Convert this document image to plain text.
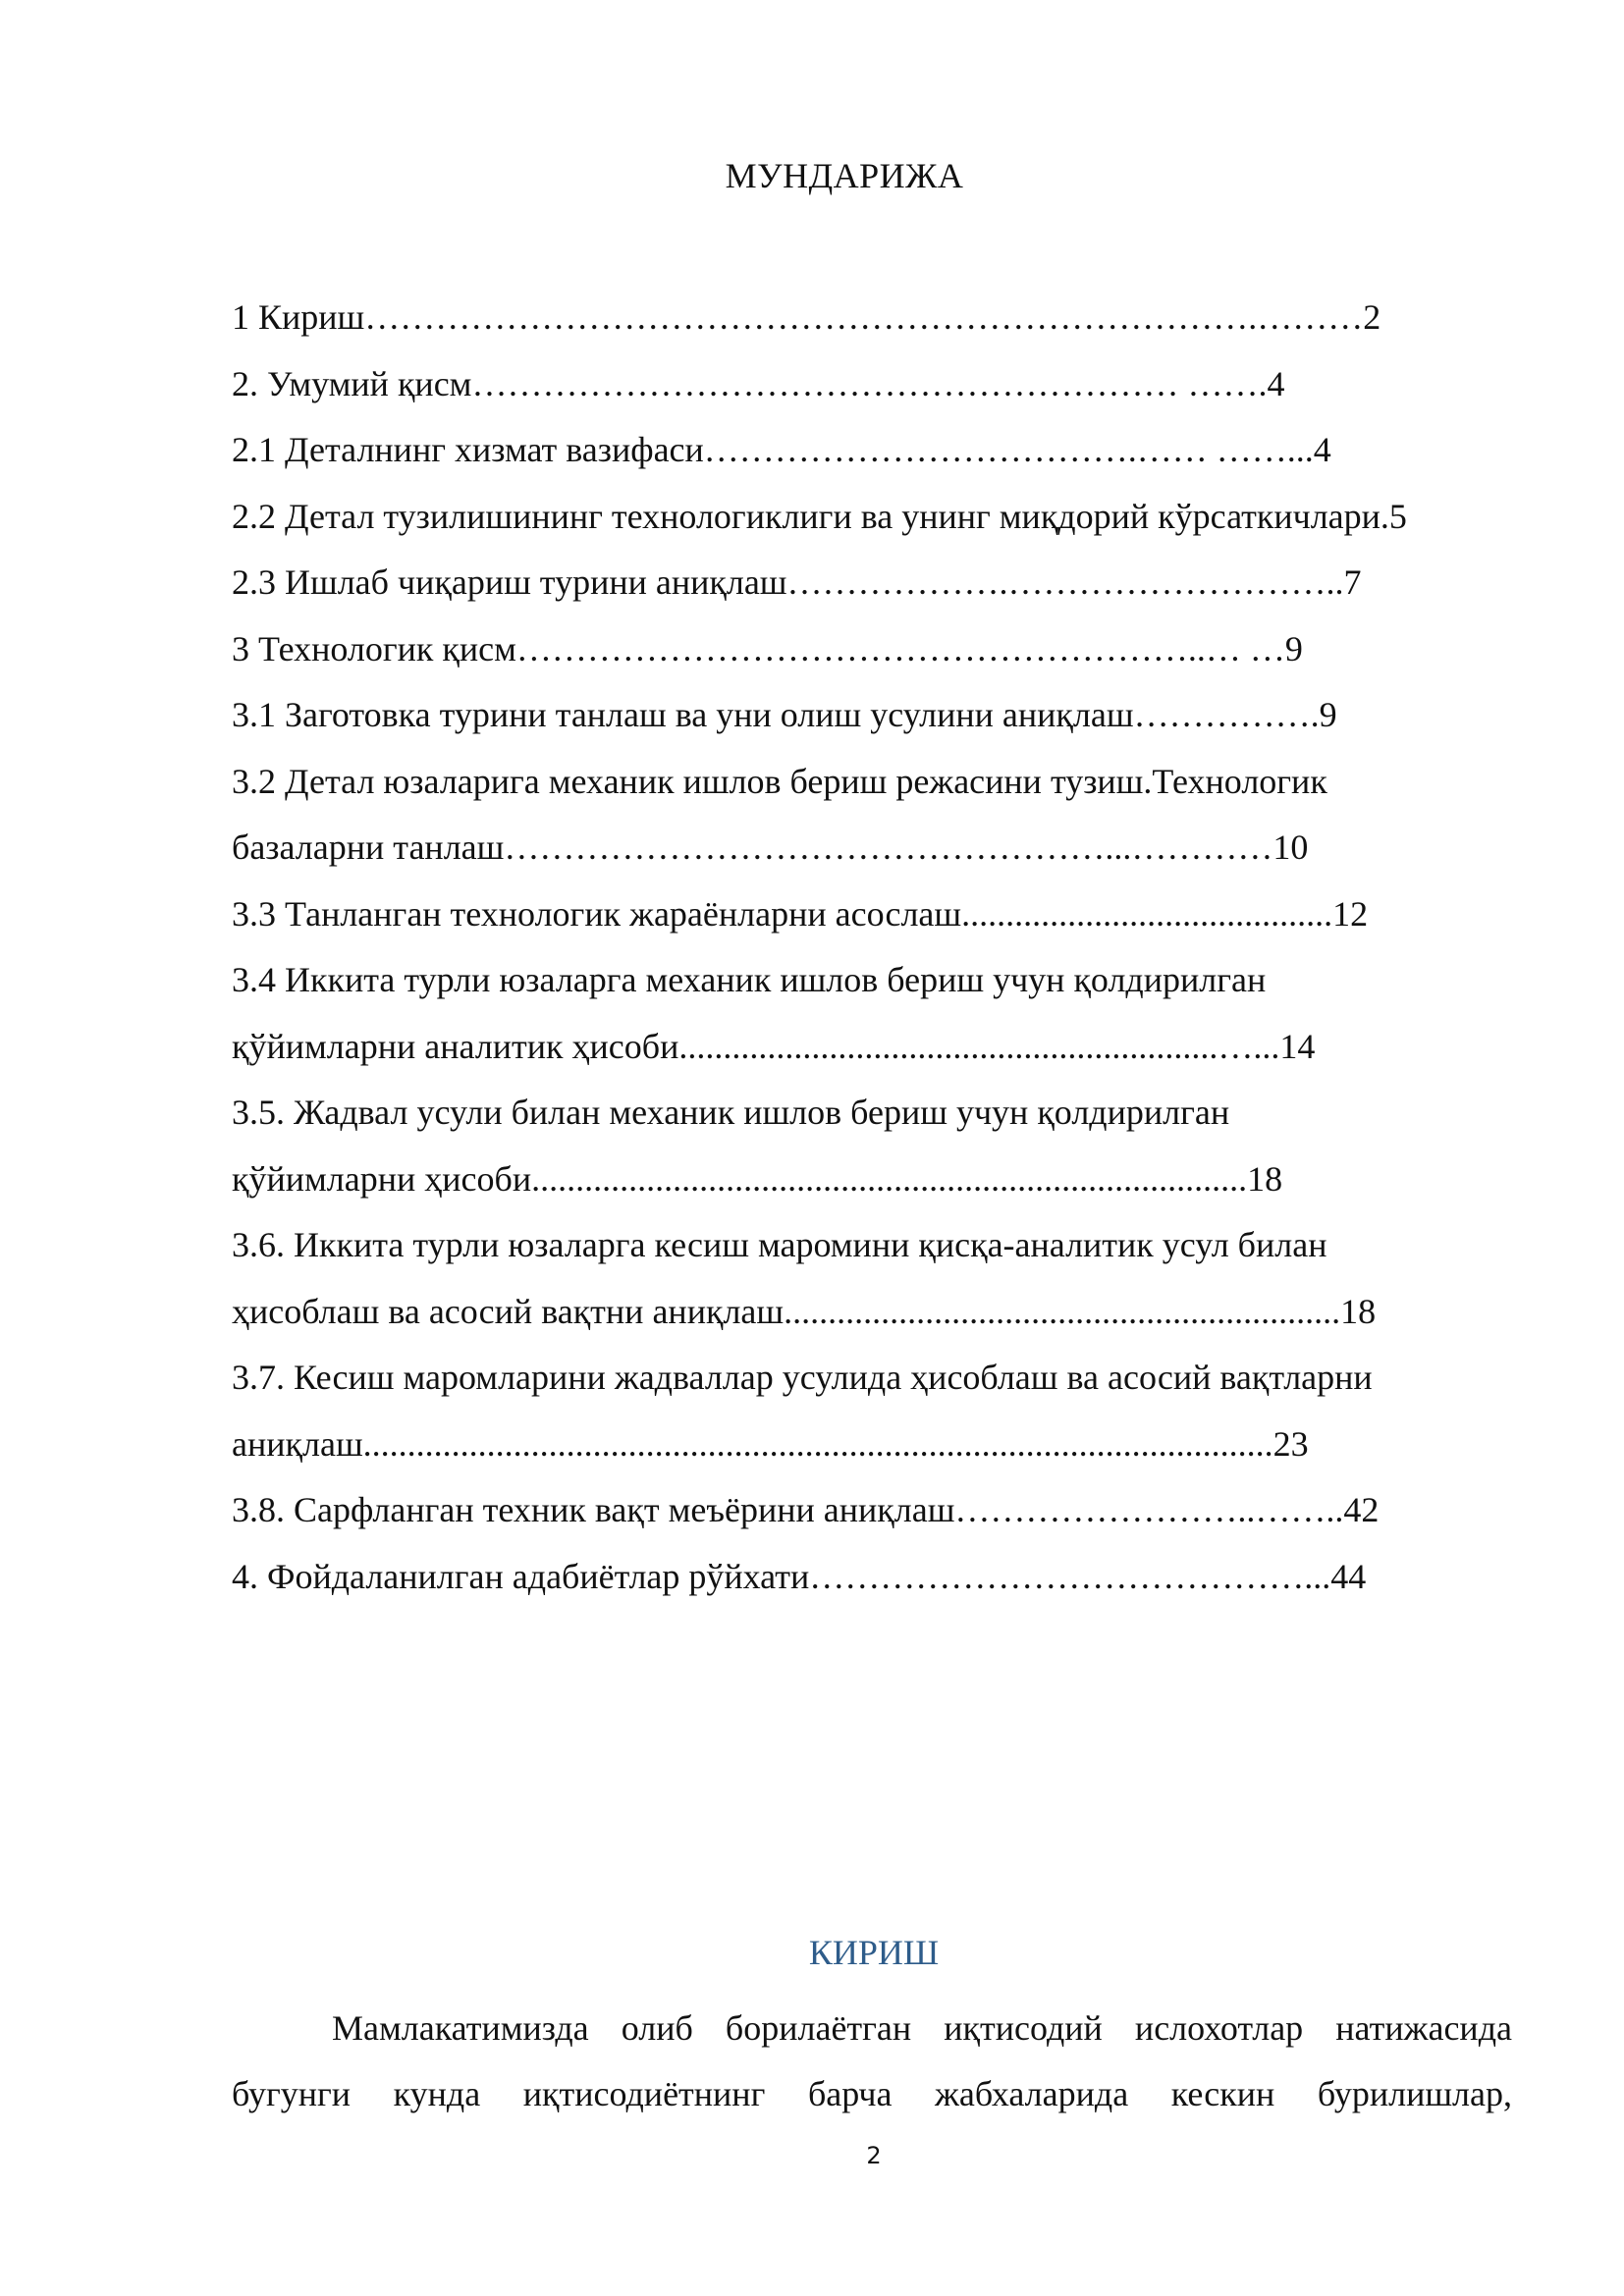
МУНДАРИЖА
1 Кириш………………………………………………………………….………2
2. Умумий қисм…………………………………………………… …….4
2.1 Деталнинг хизмат вазифаси……………………………….…… ……...4
2.2 Детал тузилишининг технологиклиги ва унинг миқдорий кўрсаткичлари.5
2.3 Ишлаб чиқариш турини аниқлаш……………….………………………..7
3 Технологик қисм…………………………………………………..… …9
3.1 Заготовка турини танлаш ва уни олиш усулини аниқлаш…………….9
3.2 Детал юзаларига механик ишлов бериш режасини тузиш.Технологик
базаларни танлаш……………………………………………...…………10
3.3 Танланган технологик жараёнларни асослаш..........................................12
3.4 Иккита турли юзаларга механик ишлов бериш учун қолдирилган
қўйимларни аналитик ҳисоби.............................................................…...14
3.5. Жадвал усули билан механик ишлов бериш учун қолдирилган
қўйимларни ҳисоби.................................................................................18
3.6. Иккита турли юзаларга кесиш маромини қисқа-аналитик усул билан
ҳисоблаш ва асосий вақтни аниқлаш...............................................................18
3.7. Кесиш маромларини жадваллар усулида ҳисоблаш ва асосий вақтларни
аниқлаш.......................................................................................................23
3.8. Сарфланган техник вақт меъёрини аниқлаш……………………..……..42
4. Фойдаланилган адабиётлар рўйхати……………………………………...44
КИРИШ
Мамлакатимизда олиб борилаётган иқтисодий ислохотлар натижасида
бугунги кунда иқтисодиётнинг барча жабхаларида кескин бурилишлар,
2
